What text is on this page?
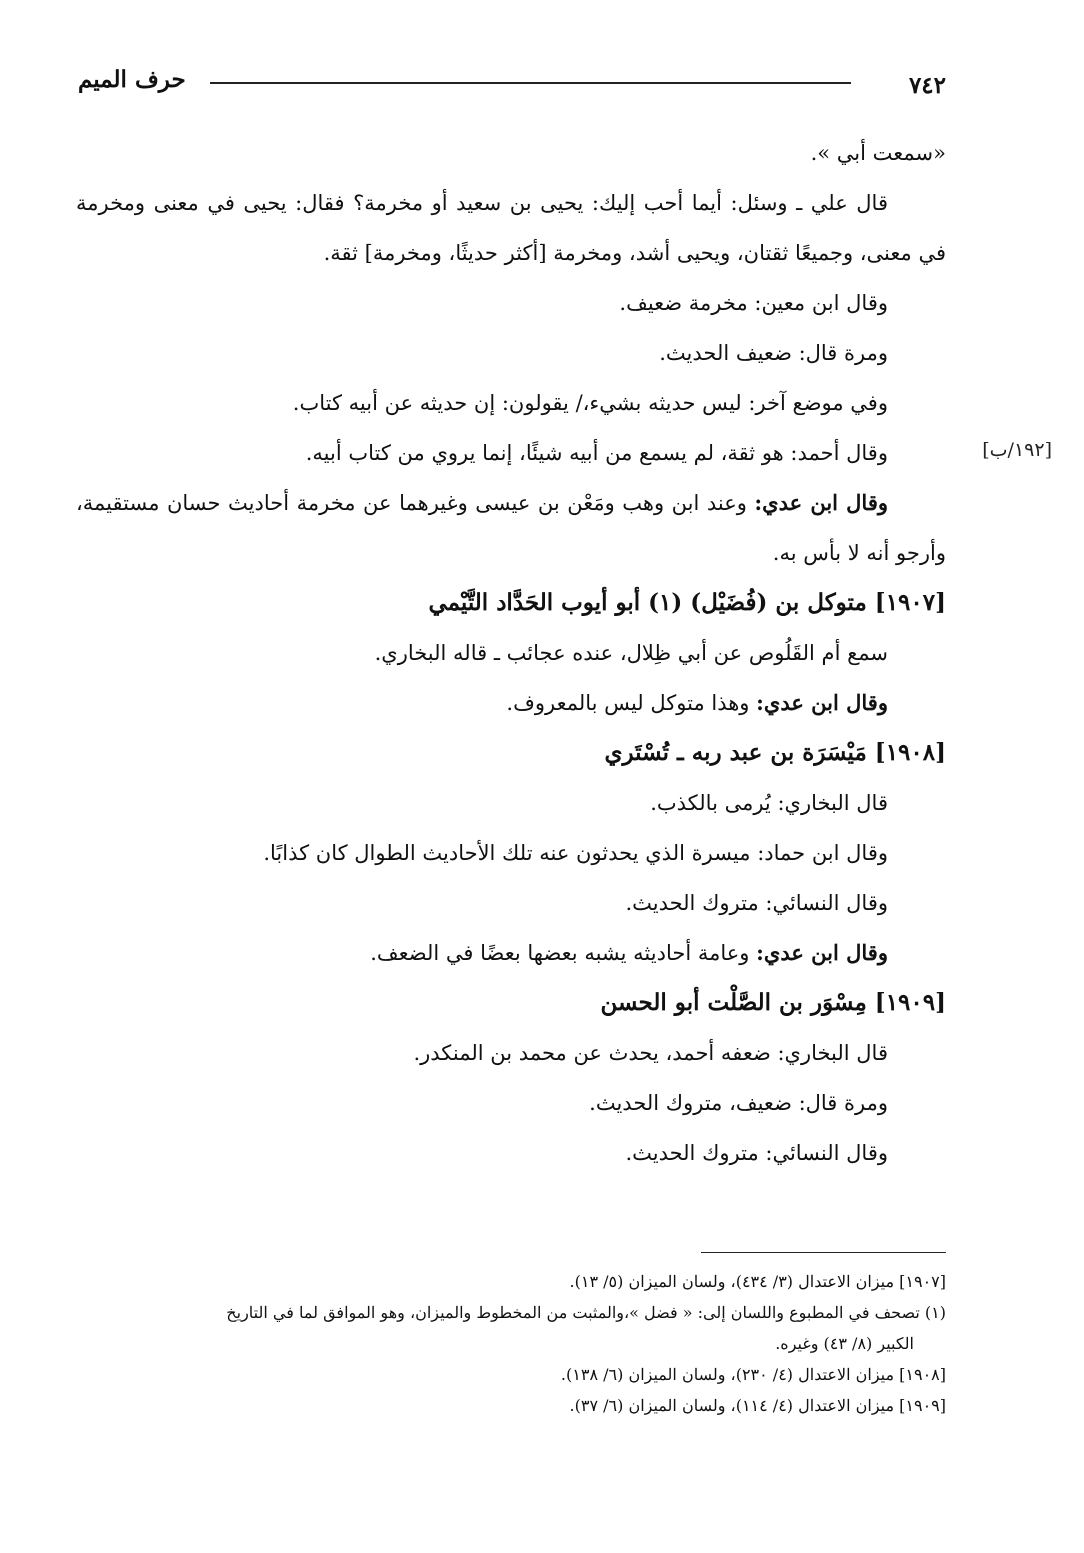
حرف الميم	٧٤٢
[١٩٢/ب]

«سمعت أبي ».

قال علي ـ وسئل: أيما أحب إليك: يحيى بن سعيد أو مخرمة؟ فقال: يحيى في معنى ومخرمة في معنى، وجميعًا ثقتان، ويحيى أشد، ومخرمة [أكثر حديثًا، ومخرمة] ثقة.

وقال ابن معين: مخرمة ضعيف.

ومرة قال: ضعيف الحديث.

وفي موضع آخر: ليس حديثه بشيء،/ يقولون: إن حديثه عن أبيه كتاب.

وقال أحمد: هو ثقة، لم يسمع من أبيه شيئًا، إنما يروي من كتاب أبيه.

وقال ابن عدي: وعند ابن وهب ومَعْن بن عيسى وغيرهما عن مخرمة أحاديث حسان مستقيمة، وأرجو أنه لا بأس به.

[١٩٠٧] متوكل بن (فُضَيْل) (١) أبو أيوب الحَدَّاد التَّيْمي

سمع أم القَلُوص عن أبي ظِلال، عنده عجائب ـ قاله البخاري.

وقال ابن عدي: وهذا متوكل ليس بالمعروف.

[١٩٠٨] مَيْسَرَة بن عبد ربه ـ تُسْتَري

قال البخاري: يُرمى بالكذب.

وقال ابن حماد: ميسرة الذي يحدثون عنه تلك الأحاديث الطوال كان كذابًا.

وقال النسائي: متروك الحديث.

وقال ابن عدي: وعامة أحاديثه يشبه بعضها بعضًا في الضعف.

[١٩٠٩] مِسْوَر بن الصَّلْت أبو الحسن

قال البخاري: ضعفه أحمد، يحدث عن محمد بن المنكدر.

ومرة قال: ضعيف، متروك الحديث.

وقال النسائي: متروك الحديث.

[١٩٠٧] ميزان الاعتدال (٣/ ٤٣٤)، ولسان الميزان (٥/ ١٣).

(١) تصحف في المطبوع واللسان إلى: « فضل »،والمثبت من المخطوط والميزان، وهو الموافق لما في التاريخ

الكبير (٨/ ٤٣) وغيره.

[١٩٠٨] ميزان الاعتدال (٤/ ٢٣٠)، ولسان الميزان (٦/ ١٣٨).

[١٩٠٩] ميزان الاعتدال (٤/ ١١٤)، ولسان الميزان (٦/ ٣٧).
